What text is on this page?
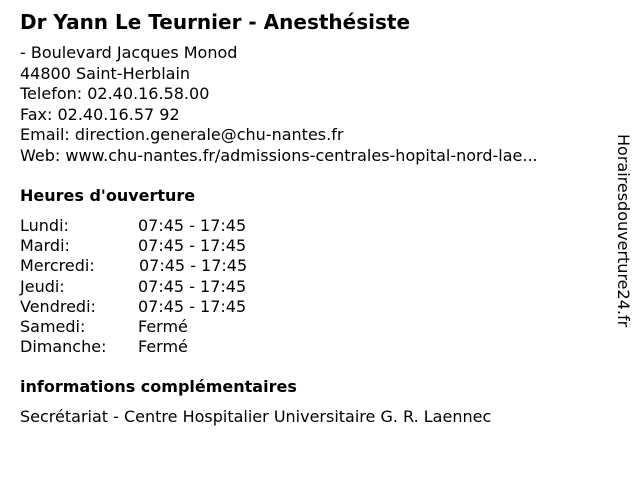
Dr Yann Le Teurnier - Anesthésiste
- Boulevard Jacques Monod
44800 Saint-Herblain
Telefon: 02.40.16.58.00
Fax: 02.40.16.57 92
Email: direction.generale@chu-nantes.fr
Web: www.chu-nantes.fr/admissions-centrales-hopital-nord-lae...
Heures d'ouverture
Lundi:	07:45 - 17:45
Mardi:	07:45 - 17:45
Mercredi:	07:45 - 17:45
Jeudi:	07:45 - 17:45
Vendredi:	07:45 - 17:45
Samedi:	Fermé
Dimanche:	Fermé
informations complémentaires
Secrétariat - Centre Hospitalier Universitaire G. R. Laennec
Horairesdouverture24.fr
